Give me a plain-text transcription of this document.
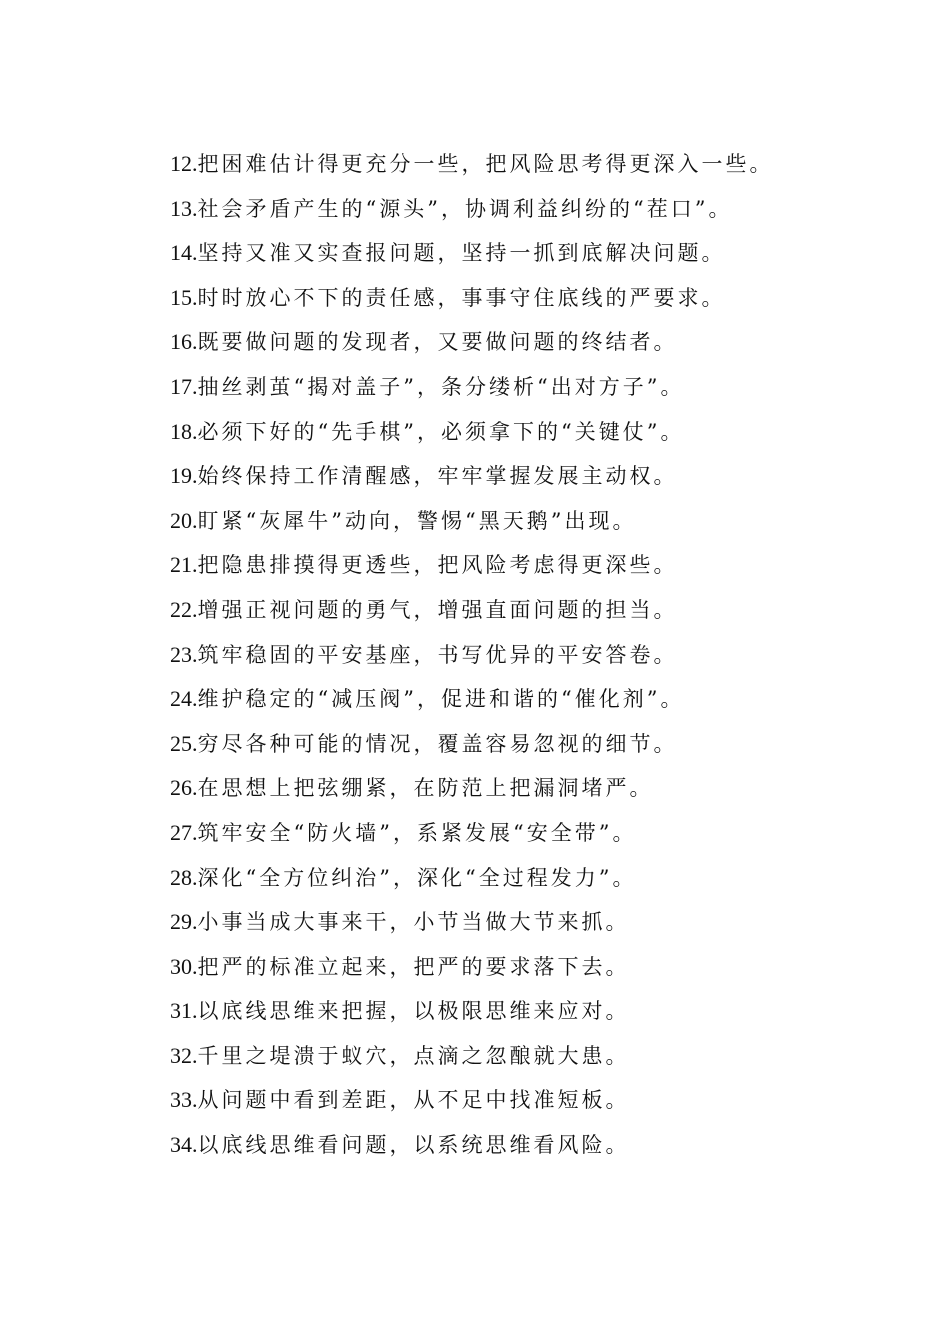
12. 把困难估计得更充分一些，把风险思考得更深入一些。
13. 社会矛盾产生的“源头”，协调利益纠纷的“茬口”。
14. 坚持又准又实查报问题，坚持一抓到底解决问题。
15. 时时放心不下的责任感，事事守住底线的严要求。
16. 既要做问题的发现者，又要做问题的终结者。
17. 抽丝剥茧“揭对盖子”，条分缕析“出对方子”。
18. 必须下好的“先手棋”，必须拿下的“关键仗”。
19. 始终保持工作清醒感，牢牢掌握发展主动权。
20. 盯紧“灰犀牛”动向，警惕“黑天鹅”出现。
21. 把隐患排摸得更透些，把风险考虑得更深些。
22. 增强正视问题的勇气，增强直面问题的担当。
23. 筑牢稳固的平安基座，书写优异的平安答卷。
24. 维护稳定的“减压阀”，促进和谐的“催化剂”。
25. 穷尽各种可能的情况，覆盖容易忽视的细节。
26. 在思想上把弦绷紧，在防范上把漏洞堵严。
27. 筑牢安全“防火墙”，系紧发展“安全带”。
28. 深化“全方位纠治”，深化“全过程发力”。
29. 小事当成大事来干，小节当做大节来抓。
30. 把严的标准立起来，把严的要求落下去。
31. 以底线思维来把握，以极限思维来应对。
32. 千里之堤溃于蚁穴，点滴之忽酿就大患。
33. 从问题中看到差距，从不足中找准短板。
34. 以底线思维看问题，以系统思维看风险。
